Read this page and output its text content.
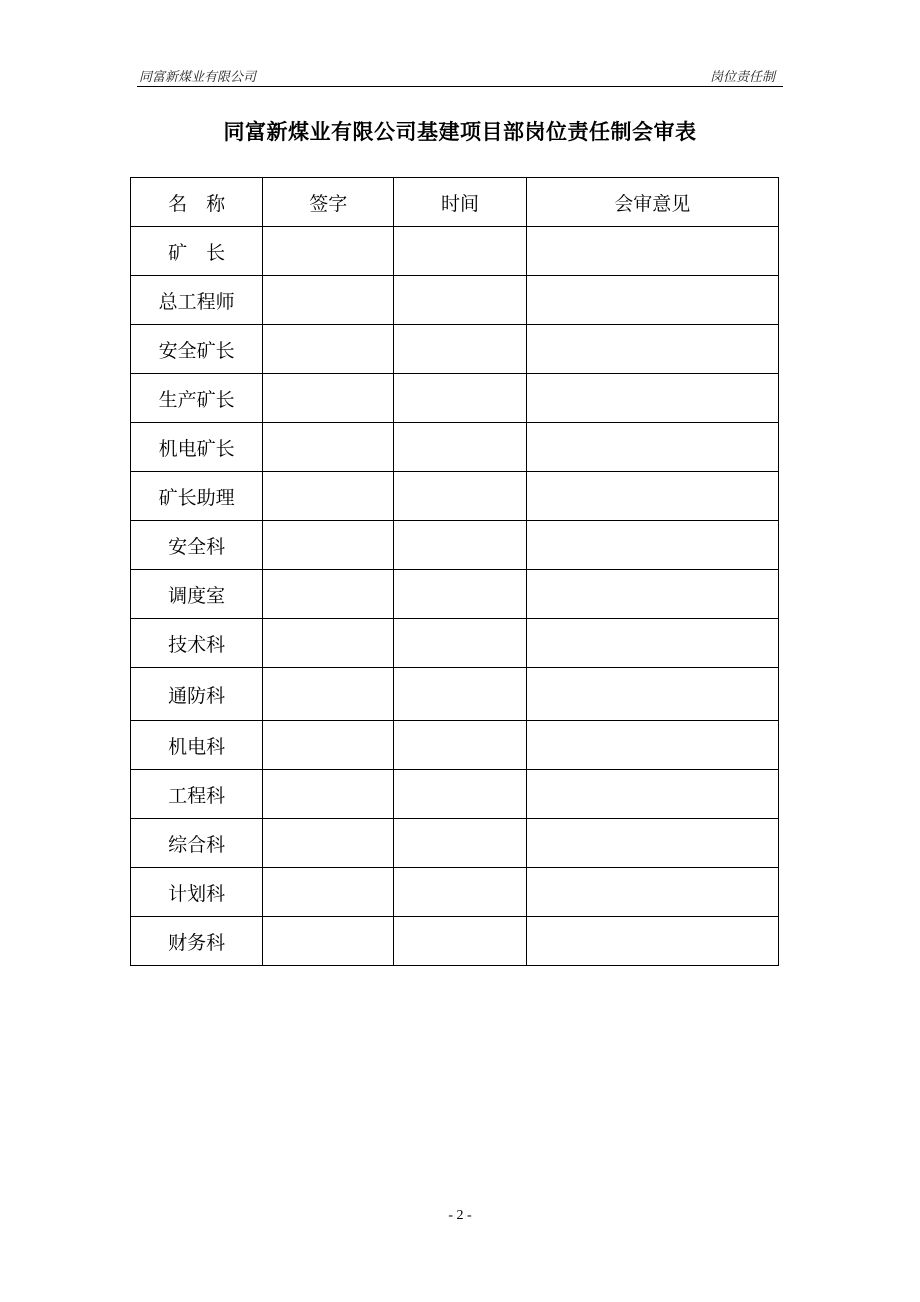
同富新煤业有限公司	岗位责任制
同富新煤业有限公司基建项目部岗位责任制会审表
名　称	签字	时间	会审意见
矿　长			
总工程师			
安全矿长			
生产矿长			
机电矿长			
矿长助理			
安全科			
调度室			
技术科			
通防科			
机电科			
工程科			
综合科			
计划科			
财务科			
- 2 -
